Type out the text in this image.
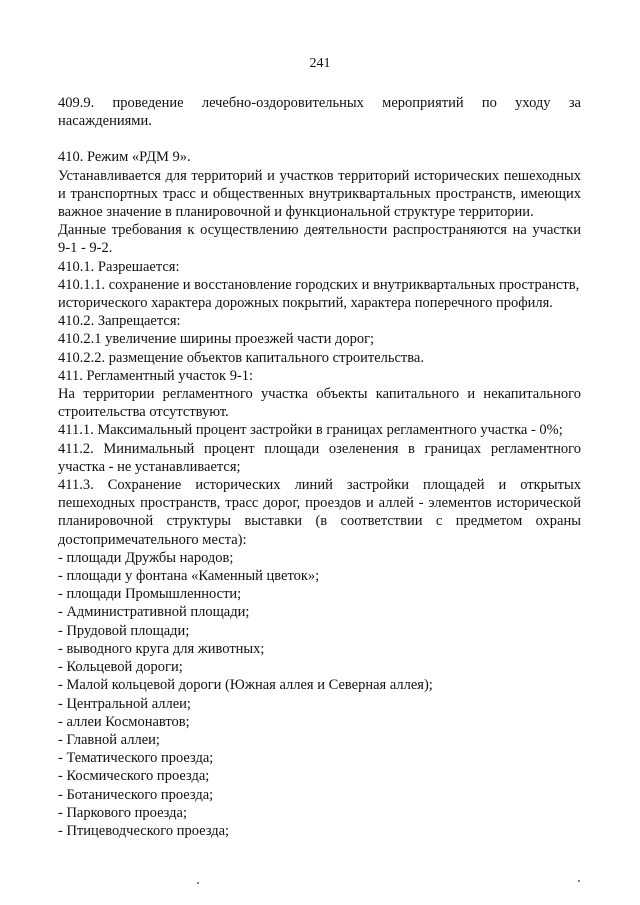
241

409.9. проведение лечебно-оздоровительных мероприятий по уходу за насаждениями.

410. Режим «РДМ 9».

Устанавливается для территорий и участков территорий исторических пешеходных и транспортных трасс и общественных внутриквартальных пространств, имеющих важное значение в планировочной и функциональной структуре территории.

Данные требования к осуществлению деятельности распространяются на участки 9-1 - 9-2.

410.1. Разрешается:

410.1.1. сохранение и восстановление городских и внутриквартальных пространств, исторического характера дорожных покрытий, характера поперечного профиля.

410.2. Запрещается:

410.2.1 увеличение ширины проезжей части дорог;

410.2.2. размещение объектов капитального строительства.

411. Регламентный участок 9-1:

На территории регламентного участка объекты капитального и некапитального строительства отсутствуют.

411.1. Максимальный процент застройки в границах регламентного участка - 0%;

411.2. Минимальный процент площади озеленения в границах регламентного участка - не устанавливается;

411.3. Сохранение исторических линий застройки площадей и открытых пешеходных пространств, трасс дорог, проездов и аллей - элементов исторической планировочной структуры выставки (в соответствии с предметом охраны достопримечательного места):

- площади Дружбы народов;

- площади у фонтана «Каменный цветок»;

- площади Промышленности;

- Административной площади;

- Прудовой площади;

- выводного круга для животных;

- Кольцевой дороги;

- Малой кольцевой дороги (Южная аллея и Северная аллея);

- Центральной аллеи;

- аллеи Космонавтов;

- Главной аллеи;

- Тематического проезда;

- Космического проезда;

- Ботанического проезда;

- Паркового проезда;

- Птицеводческого проезда;
